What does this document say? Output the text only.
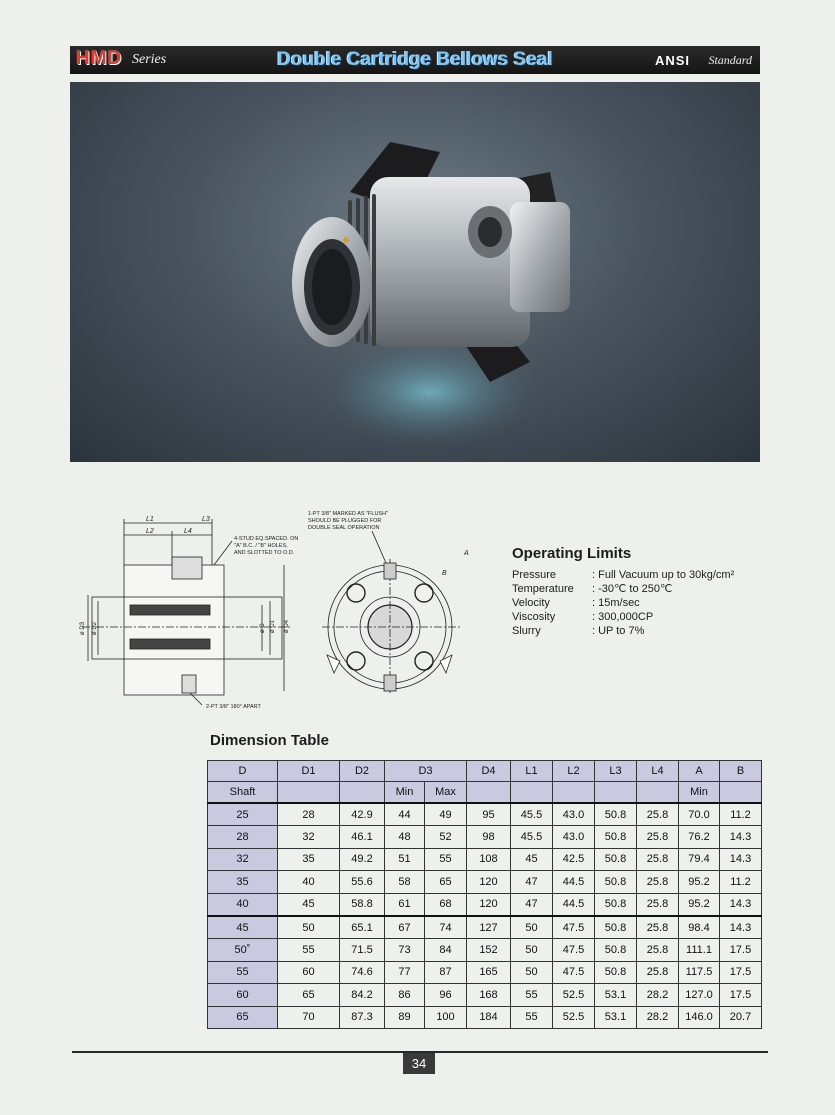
HMD Series	Double Cartridge Bellows Seal	ANSI Standard
L1	L3
L2	L4
4-STUD EQ.SPACED. ON
"A" B.C. / "B" HOLES,
AND SLOTTED TO O.D.
1-PT 3/8" MARKED AS "FLUSH"
SHOULD BE PLUGGED FOR
DOUBLE SEAL OPERATION
ø D3 ø D2	ø D ø D1 ø D4
2-PT 3/8" 180° APART
B
A	Operating Limits
Pressure	: Full Vacuum up to 30kg/cm²
Temperature	: -30℃ to 250℃
Velocity	: 15m/sec
Viscosity	: 300,000CP
Slurry	: UP to 7%
Dimension Table
D	D1	D2	D3		D4	L1	L2	L3	L4	A	B
Shaft			Min	Max						Min	
25	28	42.9	44	49	95	45.5	43.0	50.8	25.8	70.0	11.2
28	32	46.1	48	52	98	45.5	43.0	50.8	25.8	76.2	14.3
32	35	49.2	51	55	108	45	42.5	50.8	25.8	79.4	14.3
35	40	55.6	58	65	120	47	44.5	50.8	25.8	95.2	11.2
40	45	58.8	61	68	120	47	44.5	50.8	25.8	95.2	14.3
45	50	65.1	67	74	127	50	47.5	50.8	25.8	98.4	14.3
50˚	55	71.5	73	84	152	50	47.5	50.8	25.8	111.1	17.5
55	60	74.6	77	87	165	50	47.5	50.8	25.8	117.5	17.5
60	65	84.2	86	96	168	55	52.5	53.1	28.2	127.0	17.5
65	70	87.3	89	100	184	55	52.5	53.1	28.2	146.0	20.7
34
